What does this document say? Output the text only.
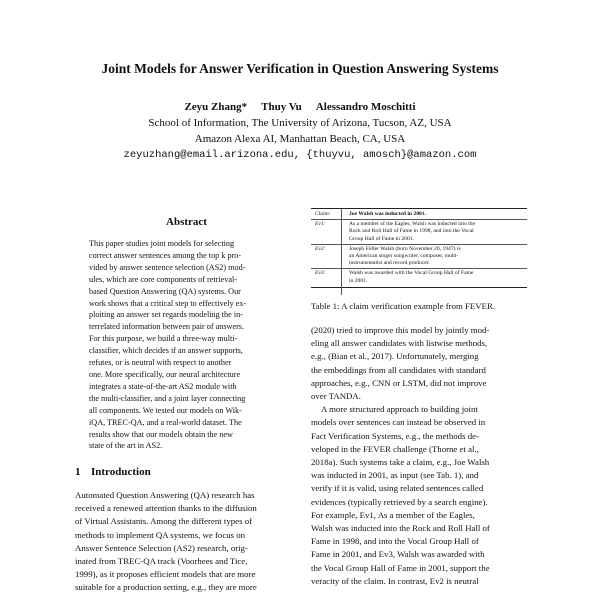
Joint Models for Answer Verification in Question Answering Systems
Zeyu Zhang* Thuy Vu Alessandro Moschitti
School of Information, The University of Arizona, Tucson, AZ, USA
Amazon Alexa AI, Manhattan Beach, CA, USA
zeyuzhang@email.arizona.edu, {thuyvu, amosch}@amazon.com
Abstract
This paper studies joint models for selecting
correct answer sentences among the top k pro-
vided by answer sentence selection (AS2) mod-
ules, which are core components of retrieval-
based Question Answering (QA) systems. Our
work shows that a critical step to effectively ex-
ploiting an answer set regards modeling the in-
terrelated information between pair of answers.
For this purpose, we build a three-way multi-
classifier, which decides if an answer supports,
refutes, or is neutral with respect to another
one. More specifically, our neural architecture
integrates a state-of-the-art AS2 module with
the multi-classifier, and a joint layer connecting
all components. We tested our models on Wik-
iQA, TREC-QA, and a real-world dataset. The
results show that our models obtain the new
state of the art in AS2.
1 Introduction
Automated Question Answering (QA) research has
received a renewed attention thanks to the diffusion
of Virtual Assistants. Among the different types of
methods to implement QA systems, we focus on
Answer Sentence Selection (AS2) research, orig-
inated from TREC-QA track (Voorhees and Tice,
1999), as it proposes efficient models that are more
suitable for a production setting, e.g., they are more
Claim:	Joe Walsh was inducted in 2001.
Ev1:	As a member of the Eagles, Walsh was inducted into the
Rock and Roll Hall of Fame in 1998, and into the Vocal
Group Hall of Fame in 2001.
Ev2:	Joseph Fidler Walsh (born November 20, 1947) is
an American singer songwriter, composer, multi-
instrumentalist and record producer.
Ev3:	Walsh was awarded with the Vocal Group Hall of Fame
in 2001.
Table 1: A claim verification example from FEVER.
(2020) tried to improve this model by jointly mod-
eling all answer candidates with listwise methods,
e.g., (Bian et al., 2017). Unfortunately, merging
the embeddings from all candidates with standard
approaches, e.g., CNN or LSTM, did not improve
over TANDA.
A more structured approach to building joint
models over sentences can instead be observed in
Fact Verification Systems, e.g., the methods de-
veloped in the FEVER challenge (Thorne et al.,
2018a). Such systems take a claim, e.g., Joe Walsh
was inducted in 2001, as input (see Tab. 1), and
verify if it is valid, using related sentences called
evidences (typically retrieved by a search engine).
For example, Ev1, As a member of the Eagles,
Walsh was inducted into the Rock and Roll Hall of
Fame in 1998, and into the Vocal Group Hall of
Fame in 2001, and Ev3, Walsh was awarded with
the Vocal Group Hall of Fame in 2001, support the
veracity of the claim. In contrast, Ev2 is neutral
